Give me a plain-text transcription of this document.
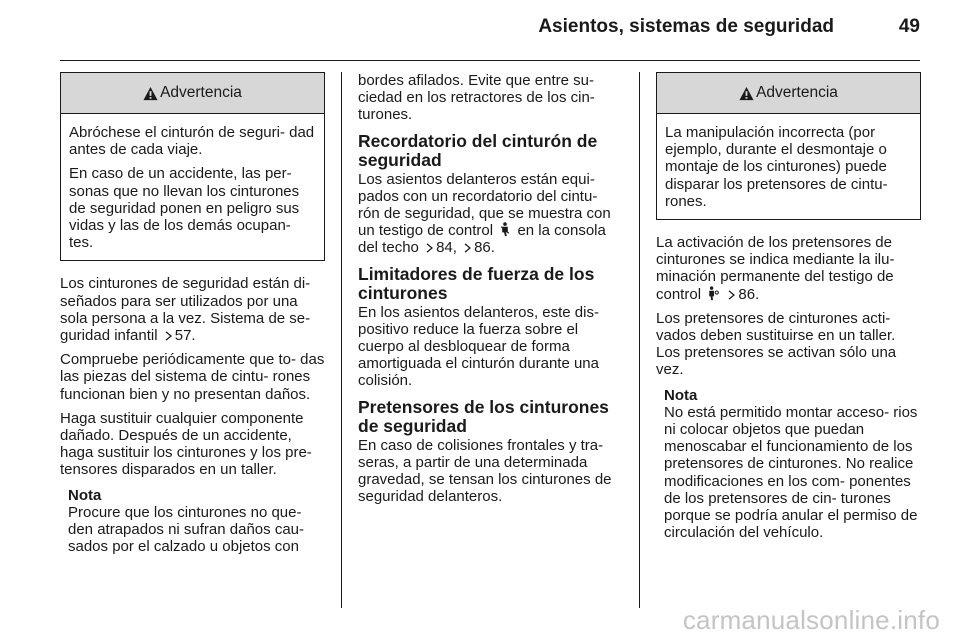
Asientos, sistemas de seguridad	49
Advertencia

Abróchese el cinturón de seguri- dad antes de cada viaje.

En caso de un accidente, las per- sonas que no llevan los cinturones de seguridad ponen en peligro sus vidas y las de los demás ocupan- tes.

Los cinturones de seguridad están di- señados para ser utilizados por una sola persona a la vez. Sistema de se- guridad infantil 57.

Compruebe periódicamente que to- das las piezas del sistema de cintu- rones funcionan bien y no presentan daños.

Haga sustituir cualquier componente dañado. Después de un accidente, haga sustituir los cinturones y los pre- tensores disparados en un taller.

Nota
Procure que los cinturones no que- den atrapados ni sufran daños cau- sados por el calzado u objetos con

bordes afilados. Evite que entre su- ciedad en los retractores de los cin- turones.

Recordatorio del cinturón de seguridad

Los asientos delanteros están equi- pados con un recordatorio del cintu- rón de seguridad, que se muestra con un testigo de control en la consola del techo 84, 86.

Limitadores de fuerza de los cinturones

En los asientos delanteros, este dis- positivo reduce la fuerza sobre el cuerpo al desbloquear de forma amortiguada el cinturón durante una colisión.

Pretensores de los cinturones de seguridad

En caso de colisiones frontales y tra- seras, a partir de una determinada gravedad, se tensan los cinturones de seguridad delanteros.

Advertencia

La manipulación incorrecta (por ejemplo, durante el desmontaje o montaje de los cinturones) puede disparar los pretensores de cintu- rones.

La activación de los pretensores de cinturones se indica mediante la ilu- minación permanente del testigo de control 86.

Los pretensores de cinturones acti- vados deben sustituirse en un taller. Los pretensores se activan sólo una vez.

Nota
No está permitido montar acceso- rios ni colocar objetos que puedan menoscabar el funcionamiento de los pretensores de cinturones. No realice modificaciones en los com- ponentes de los pretensores de cin- turones porque se podría anular el permiso de circulación del vehículo.
carmanualsonline.info
